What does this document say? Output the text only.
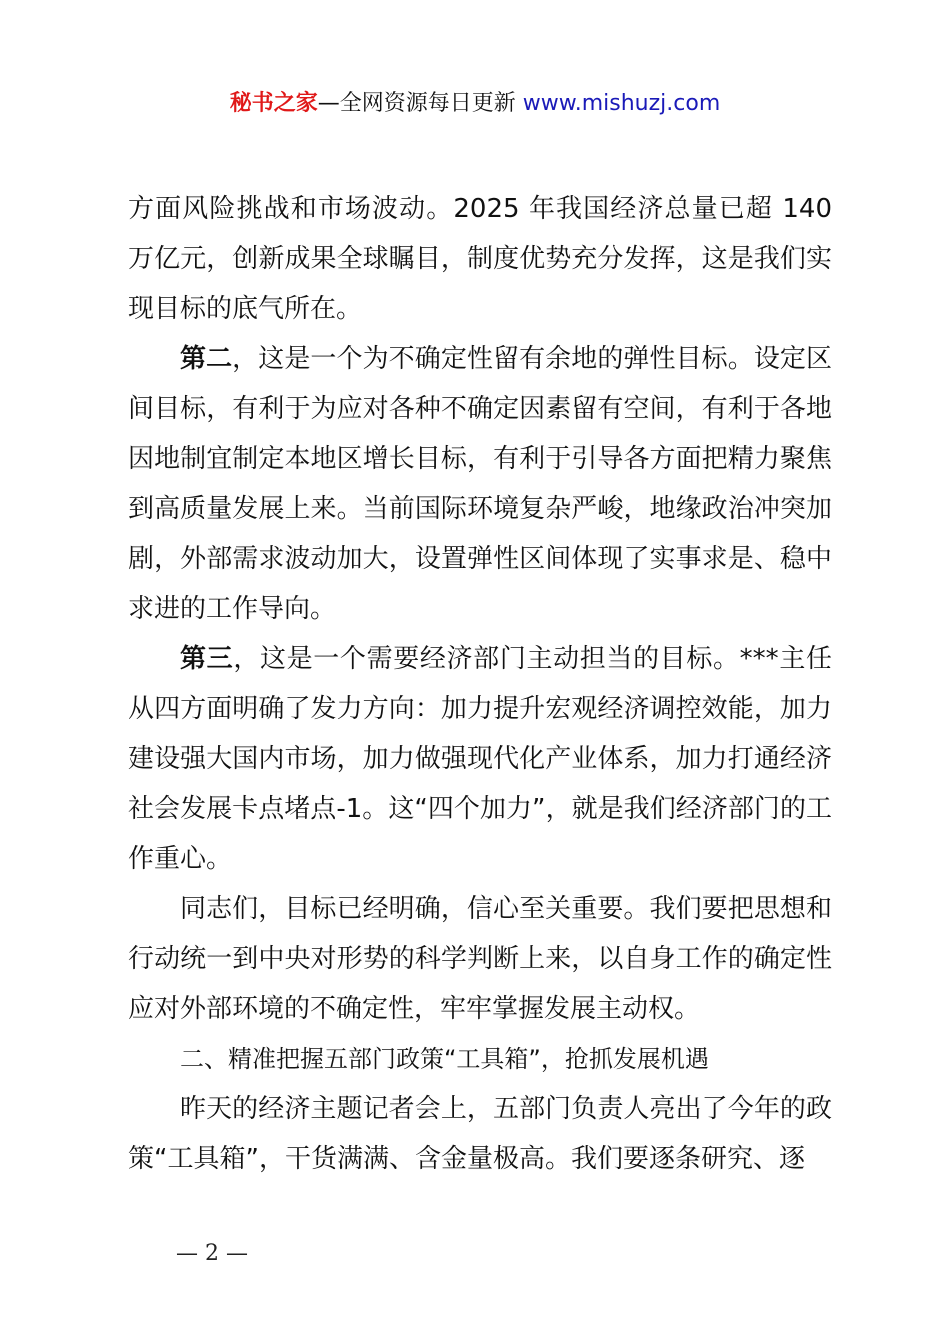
秘书之家—全网资源每日更新 www.mishuzj.com

方面风险挑战和市场波动。2025 年我国经济总量已超 140 万亿元，创新成果全球瞩目，制度优势充分发挥，这是我们实现目标的底气所在。

第二，这是一个为不确定性留有余地的弹性目标。设定区间目标，有利于为应对各种不确定因素留有空间，有利于各地因地制宜制定本地区增长目标，有利于引导各方面把精力聚焦到高质量发展上来。当前国际环境复杂严峻，地缘政治冲突加剧，外部需求波动加大，设置弹性区间体现了实事求是、稳中求进的工作导向。

第三，这是一个需要经济部门主动担当的目标。***主任从四方面明确了发力方向：加力提升宏观经济调控效能，加力建设强大国内市场，加力做强现代化产业体系，加力打通经济社会发展卡点堵点-1。这“四个加力”，就是我们经济部门的工作重心。

同志们，目标已经明确，信心至关重要。我们要把思想和行动统一到中央对形势的科学判断上来，以自身工作的确定性应对外部环境的不确定性，牢牢掌握发展主动权。

二、精准把握五部门政策“工具箱”，抢抓发展机遇

昨天的经济主题记者会上，五部门负责人亮出了今年的政策“工具箱”，干货满满、含金量极高。我们要逐条研究、逐

— 2 —
